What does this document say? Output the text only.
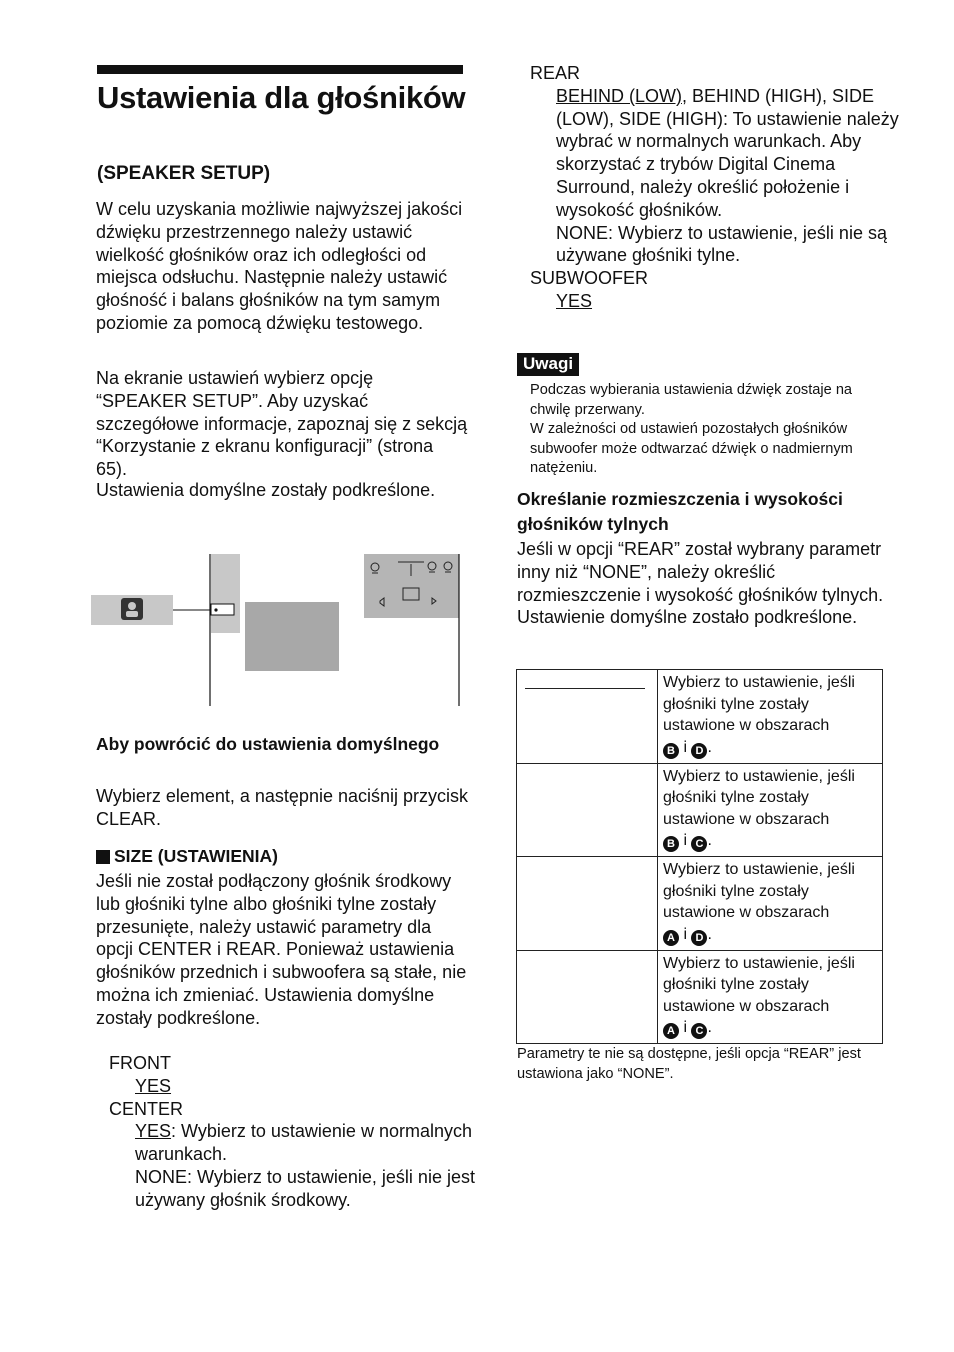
Ustawienia dla głośników
(SPEAKER SETUP)
W celu uzyskania możliwie najwyższej jakości dźwięku przestrzennego należy ustawić wielkość głośników oraz ich odległości od miejsca odsłuchu. Następnie należy ustawić głośność i balans głośników na tym samym poziomie za pomocą dźwięku testowego.
Na ekranie ustawień wybierz opcję “SPEAKER SETUP”. Aby uzyskać szczegółowe informacje, zapoznaj się z sekcją “Korzystanie z ekranu konfiguracji” (strona 65).
Ustawienia domyślne zostały podkreślone.
Aby powrócić do ustawienia domyślnego
Wybierz element, a następnie naciśnij przycisk CLEAR.
SIZE (USTAWIENIA)
Jeśli nie został podłączony głośnik środkowy lub głośniki tylne albo głośniki tylne zostały przesunięte, należy ustawić parametry dla opcji CENTER i REAR. Ponieważ ustawienia głośników przednich i subwoofera są stałe, nie można ich zmieniać. Ustawienia domyślne zostały podkreślone.
FRONT
YES
CENTER
YES: Wybierz to ustawienie w normalnych warunkach.
NONE: Wybierz to ustawienie, jeśli nie jest używany głośnik środkowy.
REAR
BEHIND (LOW), BEHIND (HIGH), SIDE (LOW), SIDE (HIGH): To ustawienie należy wybrać w normalnych warunkach. Aby skorzystać z trybów Digital Cinema Surround, należy określić położenie i wysokość głośników.
NONE: Wybierz to ustawienie, jeśli nie są używane głośniki tylne.
SUBWOOFER
YES
Uwagi
Podczas wybierania ustawienia dźwięk zostaje na chwilę przerwany.
W zależności od ustawień pozostałych głośników subwoofer może odtwarzać dźwięk o nadmiernym natężeniu.
Określanie rozmieszczenia i wysokości głośników tylnych
Jeśli w opcji “REAR” został wybrany parametr inny niż “NONE”, należy określić rozmieszczenie i wysokość głośników tylnych. Ustawienie domyślne zostało podkreślone.
	Wybierz to ustawienie, jeśli głośniki tylne zostały ustawione w obszarach
B i D .
	Wybierz to ustawienie, jeśli głośniki tylne zostały ustawione w obszarach
B i C .
	Wybierz to ustawienie, jeśli głośniki tylne zostały ustawione w obszarach
A i D .
	Wybierz to ustawienie, jeśli głośniki tylne zostały ustawione w obszarach
A i C .
Parametry te nie są dostępne, jeśli opcja “REAR” jest ustawiona jako “NONE”.
